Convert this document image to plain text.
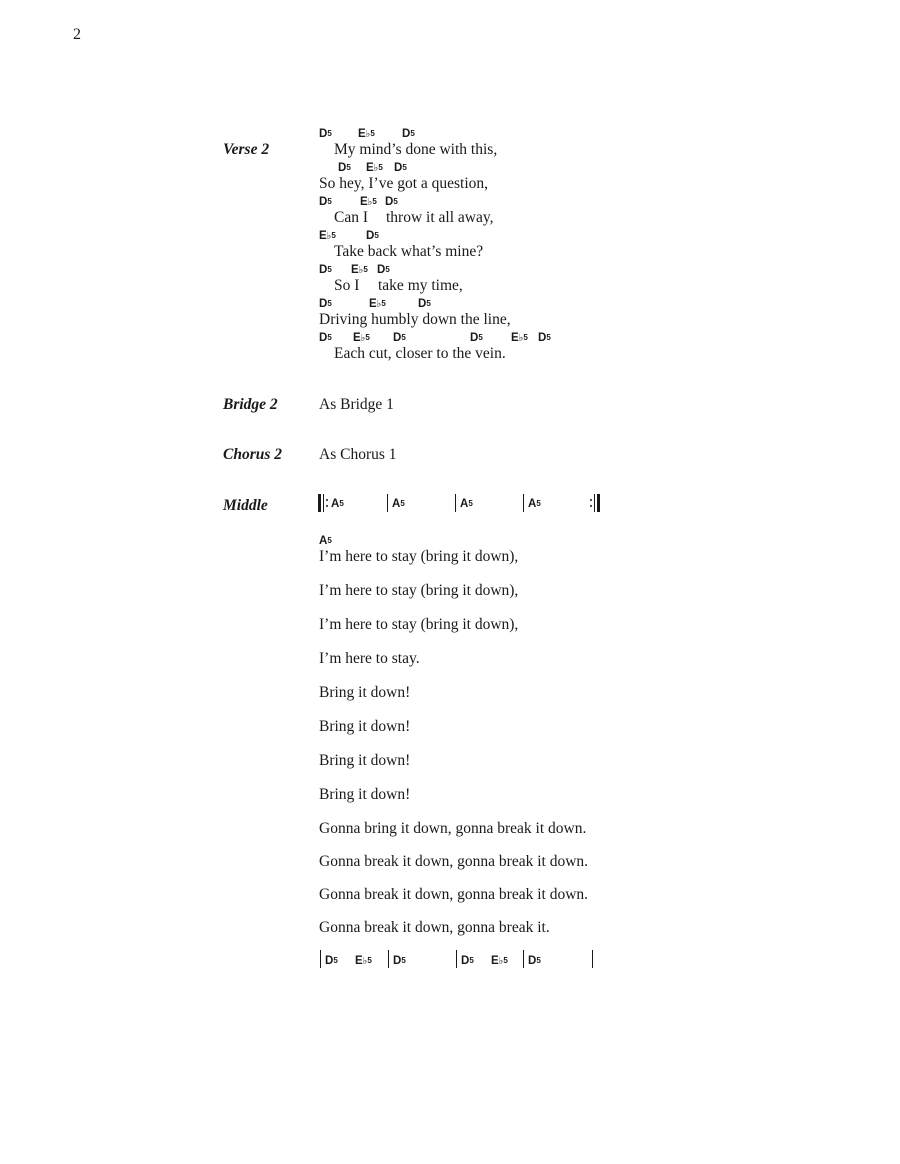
2
Verse 2
$D^5$ E♭$^5$ $D^5$
My mind’s done with this,
$D^5$ E♭$^5$ $D^5$
So hey, I’ve got a question,
$D^5$ E♭$^5$ $D^5$
Can I throw it all away,
E♭$^5$	$D^5$
Take back what’s mine?
$D^5$ E♭$^5$ $D^5$
So I take my time,
$D^5$	E♭$^5$	$D^5$
Driving humbly down the line,
$D^5$ E♭$^5$ $D^5$	$D^5$ E♭$^5$ $D^5$
Each cut, closer to the vein.
Bridge 2	As Bridge 1
Chorus 2 As Chorus 1
Middle	$A^5$	$A^5$	$A^5$	$A^5$
$A^5$
I’m here to stay (bring it down),
I’m here to stay (bring it down),
I’m here to stay (bring it down),
I’m here to stay.
Bring it down!
Bring it down!
Bring it down!
Bring it down!
Gonna bring it down, gonna break it down.
Gonna break it down, gonna break it down.
Gonna break it down, gonna break it down.
Gonna break it down, gonna break it.
$D^5$ E♭$^5$ $D^5$	$D^5$ E♭$^5$ $D^5$
